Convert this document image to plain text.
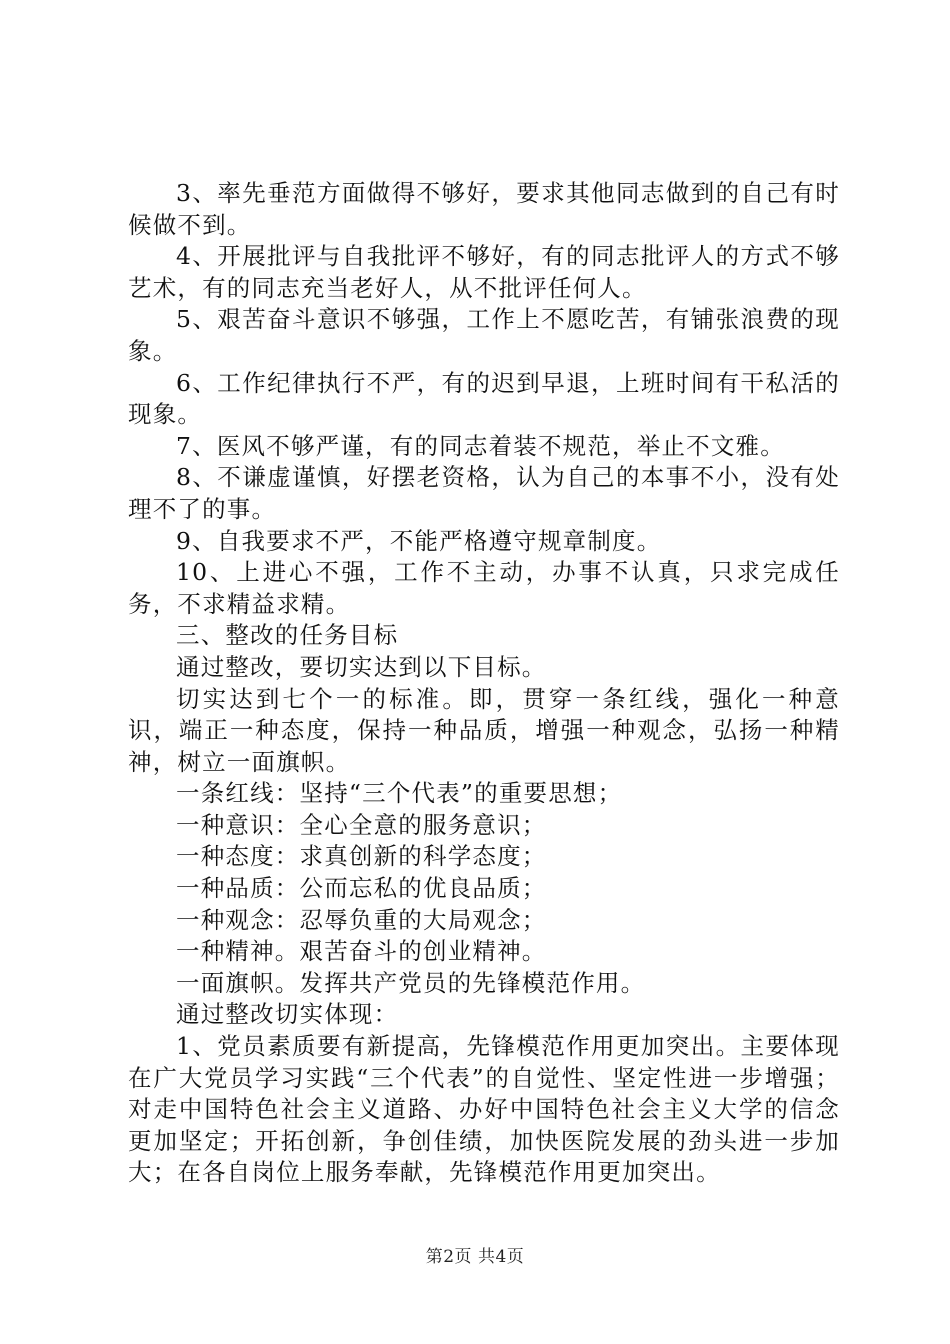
3、率先垂范方面做得不够好，要求其他同志做到的自己有时候做不到。

4、开展批评与自我批评不够好，有的同志批评人的方式不够艺术，有的同志充当老好人，从不批评任何人。

5、艰苦奋斗意识不够强，工作上不愿吃苦，有铺张浪费的现象。

6、工作纪律执行不严，有的迟到早退，上班时间有干私活的现象。

7、医风不够严谨，有的同志着装不规范，举止不文雅。

8、不谦虚谨慎，好摆老资格，认为自己的本事不小，没有处理不了的事。

9、自我要求不严，不能严格遵守规章制度。

10、上进心不强，工作不主动，办事不认真，只求完成任务，不求精益求精。

三、整改的任务目标

通过整改，要切实达到以下目标。

切实达到七个一的标准。即，贯穿一条红线，强化一种意识，端正一种态度，保持一种品质，增强一种观念，弘扬一种精神，树立一面旗帜。

一条红线：坚持“三个代表”的重要思想；

一种意识：全心全意的服务意识；

一种态度：求真创新的科学态度；

一种品质：公而忘私的优良品质；

一种观念：忍辱负重的大局观念；

一种精神。艰苦奋斗的创业精神。

一面旗帜。发挥共产党员的先锋模范作用。

通过整改切实体现：

1、党员素质要有新提高，先锋模范作用更加突出。主要体现在广大党员学习实践“三个代表”的自觉性、坚定性进一步增强；对走中国特色社会主义道路、办好中国特色社会主义大学的信念更加坚定；开拓创新，争创佳绩，加快医院发展的劲头进一步加大；在各自岗位上服务奉献，先锋模范作用更加突出。

第2页 共4页
